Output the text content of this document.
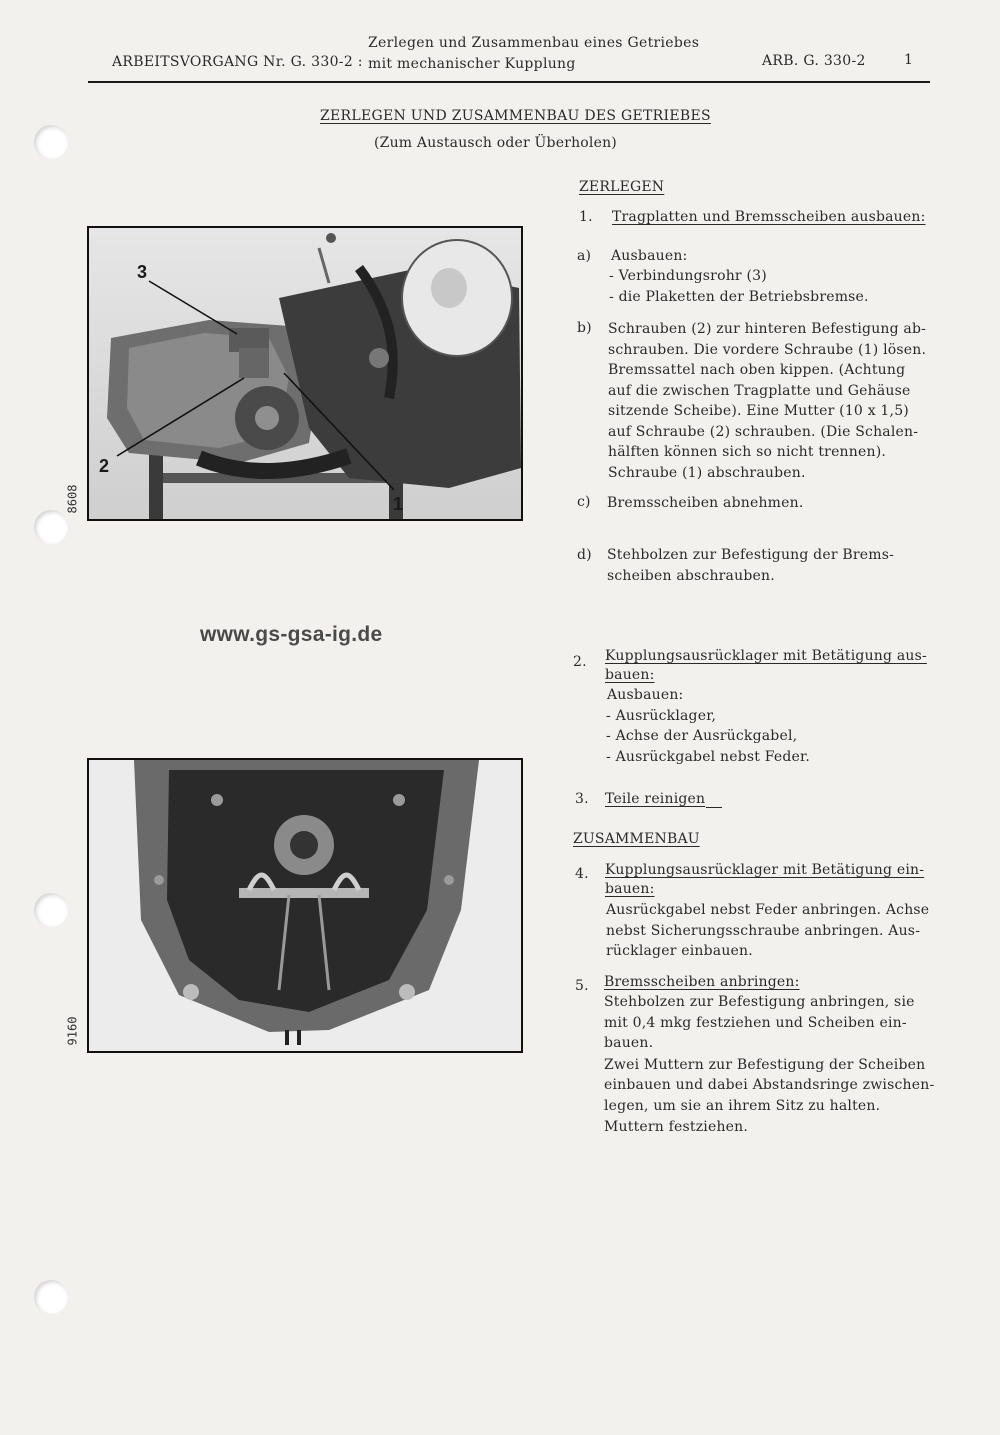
ARBEITSVORGANG Nr. G. 330-2 :
Zerlegen und Zusammenbau eines Getriebes
mit mechanischer Kupplung	ARB. G. 330-2	1
ZERLEGEN UND ZUSAMMENBAU DES GETRIEBES
(Zum Austausch oder Überholen)
3
2
1
8608
www.gs-gsa-ig.de
9160
ZERLEGEN
1. Tragplatten und Bremsscheiben ausbauen:
a) Ausbauen:
- Verbindungsrohr (3)
- die Plaketten der Betriebsbremse.
b) Schrauben (2) zur hinteren Befestigung ab-
schrauben. Die vordere Schraube (1) lösen.
Bremssattel nach oben kippen. (Achtung
auf die zwischen Tragplatte und Gehäuse
sitzende Scheibe). Eine Mutter (10 x 1,5)
auf Schraube (2) schrauben. (Die Schalen-
hälften können sich so nicht trennen).
Schraube (1) abschrauben.
c) Bremsscheiben abnehmen.
d) Stehbolzen zur Befestigung der Brems-
scheiben abschrauben.
2. Kupplungsausrücklager mit Betätigung aus-
bauen:
Ausbauen:
- Ausrücklager,
- Achse der Ausrückgabel,
- Ausrückgabel nebst Feder.
3. Teile reinigen
ZUSAMMENBAU
4. Kupplungsausrücklager mit Betätigung ein-
bauen:
Ausrückgabel nebst Feder anbringen. Achse
nebst Sicherungsschraube anbringen. Aus-
rücklager einbauen.
5. Bremsscheiben anbringen:
Stehbolzen zur Befestigung anbringen, sie
mit 0,4 mkg festziehen und Scheiben ein-
bauen.
Zwei Muttern zur Befestigung der Scheiben
einbauen und dabei Abstandsringe zwischen-
legen, um sie an ihrem Sitz zu halten.
Muttern festziehen.
